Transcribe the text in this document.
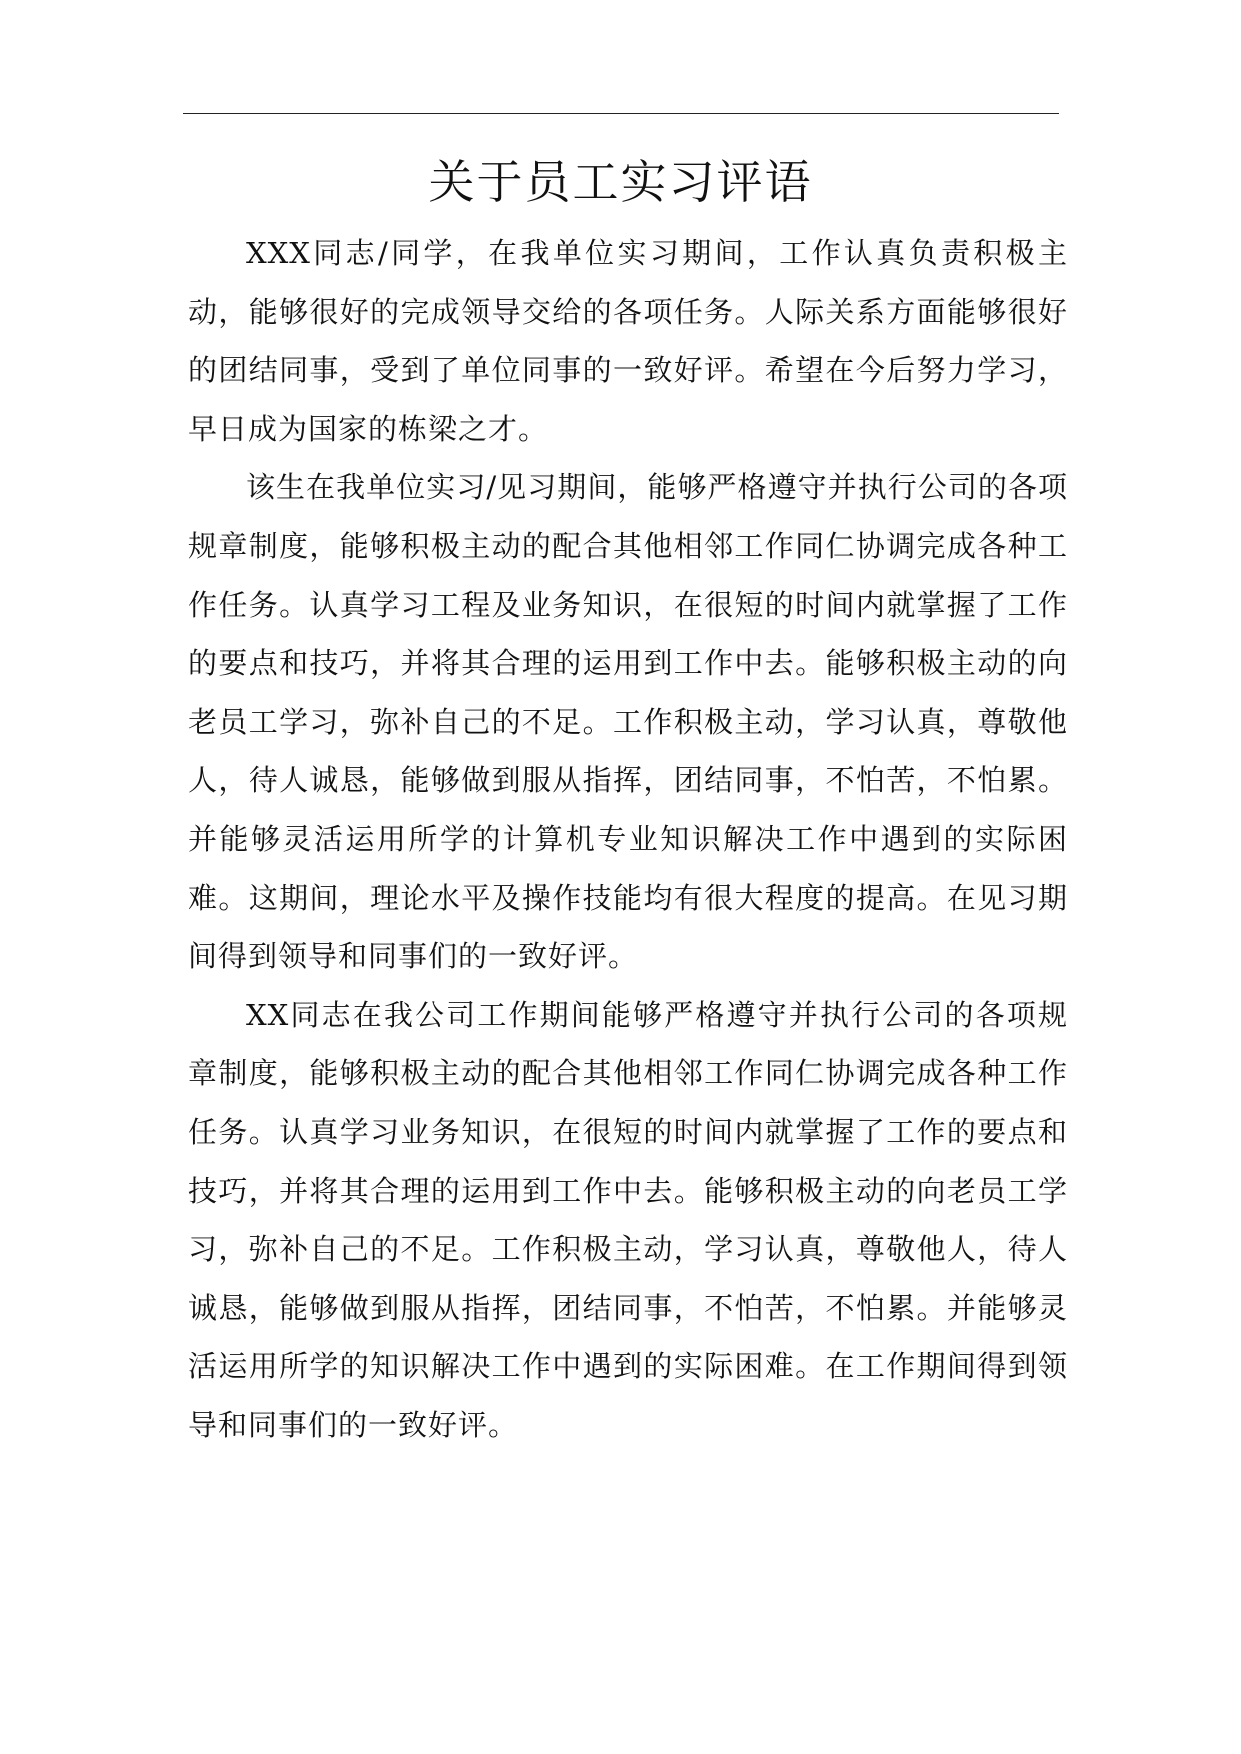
关于员工实习评语

XXX同志/同学，在我单位实习期间，工作认真负责积极主动，能够很好的完成领导交给的各项任务。人际关系方面能够很好的团结同事，受到了单位同事的一致好评。希望在今后努力学习，早日成为国家的栋梁之才。

该生在我单位实习/见习期间，能够严格遵守并执行公司的各项规章制度，能够积极主动的配合其他相邻工作同仁协调完成各种工作任务。认真学习工程及业务知识，在很短的时间内就掌握了工作的要点和技巧，并将其合理的运用到工作中去。能够积极主动的向老员工学习，弥补自己的不足。工作积极主动，学习认真，尊敬他人，待人诚恳，能够做到服从指挥，团结同事，不怕苦，不怕累。并能够灵活运用所学的计算机专业知识解决工作中遇到的实际困难。这期间，理论水平及操作技能均有很大程度的提高。在见习期间得到领导和同事们的一致好评。

XX同志在我公司工作期间能够严格遵守并执行公司的各项规章制度，能够积极主动的配合其他相邻工作同仁协调完成各种工作任务。认真学习业务知识，在很短的时间内就掌握了工作的要点和技巧，并将其合理的运用到工作中去。能够积极主动的向老员工学习，弥补自己的不足。工作积极主动，学习认真，尊敬他人，待人诚恳，能够做到服从指挥，团结同事，不怕苦，不怕累。并能够灵活运用所学的知识解决工作中遇到的实际困难。在工作期间得到领导和同事们的一致好评。
